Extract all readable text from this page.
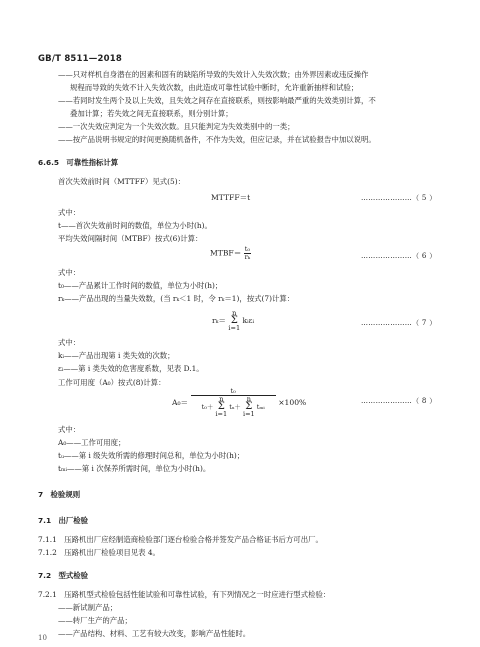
GB/T 8511—2018
——只对样机自身潜在的因素和固有的缺陷所导致的失效计入失效次数；由外界因素或违反操作
规程而导致的失效不计入失效次数，由此造成可靠性试验中断时，允许重新抽样和试验；
——若同时发生两个及以上失效，且失效之间存在直接联系，则按影响最严重的失效类别计算，不
叠加计算；若失效之间无直接联系，则分别计算；
——一次失效应判定为一个失效次数。且只能判定为失效类别中的一类；
——按产品说明书规定的时间更换随机备件，不作为失效，但应记录，并在试验报告中加以说明。
6.6.5　可靠性指标计算
首次失效前时间（MTTFF）见式(5)：
MTTFF＝t	…………………（ 5 ）
式中：
t——首次失效前时间的数值，单位为小时(h)。
平均失效间隔时间（MTBF）按式(6)计算：
MTBF＝ $\frac{\text{t₀}}{\text{rₖ}}$	…………………（ 6 ）
式中：
t₀——产品累计工作时间的数值，单位为小时(h)；
rₖ——产品出现的当量失效数，(当 rₖ＜1 时，令 rₖ＝1)，按式(7)计算：
rₖ＝
n
Σ
i=1
kᵢεᵢ	…………………（ 7 ）
式中：
kᵢ——产品出现第 i 类失效的次数；
εᵢ——第 i 类失效的危害度系数，见表 D.1。
工作可用度（A₀）按式(8)计算：
A₀＝
t₀
t₀＋
n
Σ
i=1
tᵤ＋
n
Σ
i=1
tₘᵢ ×100%	…………………（ 8 ）
式中：
A₀——工作可用度；
tᵤ——第 i 级失效所需的修理时间总和，单位为小时(h)；
tₘᵢ——第 i 次保养所需时间，单位为小时(h)。
7　检验规则
7.1　出厂检验
7.1.1　压路机出厂应经制造商检验部门逐台检验合格并签发产品合格证书后方可出厂。
7.1.2　压路机出厂检验项目见表 4。
7.2　型式检验
7.2.1　压路机型式检验包括性能试验和可靠性试验，有下列情况之一时应进行型式检验：
——新试制产品；
——转厂生产的产品；
——产品结构、材料、工艺有较大改变，影响产品性能时。
10
